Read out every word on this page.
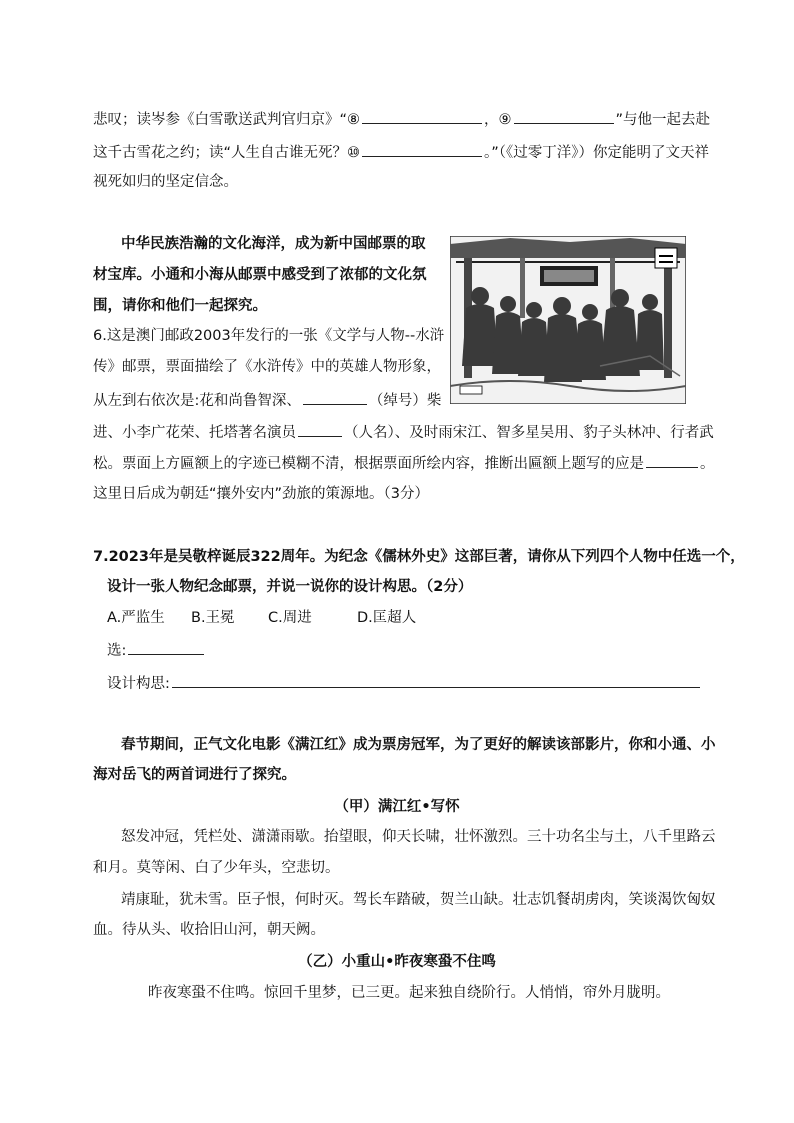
悲叹；读岑参《白雪歌送武判官归京》“⑧	，⑨	”与他一起去赴
这千古雪花之约；读“人生自古谁无死？⑩	。”（《过零丁洋》）你定能明了文天祥
视死如归的坚定信念。
中华民族浩瀚的文化海洋，成为新中国邮票的取
材宝库。小通和小海从邮票中感受到了浓郁的文化氛
围，请你和他们一起探究。
6.这是澳门邮政2003年发行的一张《文学与人物--水浒
传》邮票，票面描绘了《水浒传》中的英雄人物形象，
从左到右依次是:花和尚鲁智深、	（绰号）柴
进、小李广花荣、托塔著名演员	（人名）、及时雨宋江、智多星吴用、豹子头林冲、行者武
松。票面上方匾额上的字迹已模糊不清，根据票面所绘内容，推断出匾额上题写的应是	。
这里日后成为朝廷“攘外安内”劲旅的策源地。（3分）
7.2023年是吴敬梓诞辰322周年。为纪念《儒林外史》这部巨著，请你从下列四个人物中任选一个，
设计一张人物纪念邮票，并说一说你的设计构思。（2分）
A.严监生 B.王冕 C.周进	D.匡超人
选:
设计构思:
春节期间，正气文化电影《满江红》成为票房冠军，为了更好的解读该部影片，你和小通、小
海对岳飞的两首词进行了探究。
（甲）满江红•写怀
怒发冲冠，凭栏处、潇潇雨歇。抬望眼，仰天长啸，壮怀激烈。三十功名尘与土，八千里路云
和月。莫等闲、白了少年头，空悲切。
靖康耻，犹未雪。臣子恨，何时灭。驾长车踏破，贺兰山缺。壮志饥餐胡虏肉，笑谈渴饮匈奴
血。待从头、收拾旧山河，朝天阙。
（乙）小重山•昨夜寒蛩不住鸣
昨夜寒蛩不住鸣。惊回千里梦，已三更。起来独自绕阶行。人悄悄，帘外月胧明。
